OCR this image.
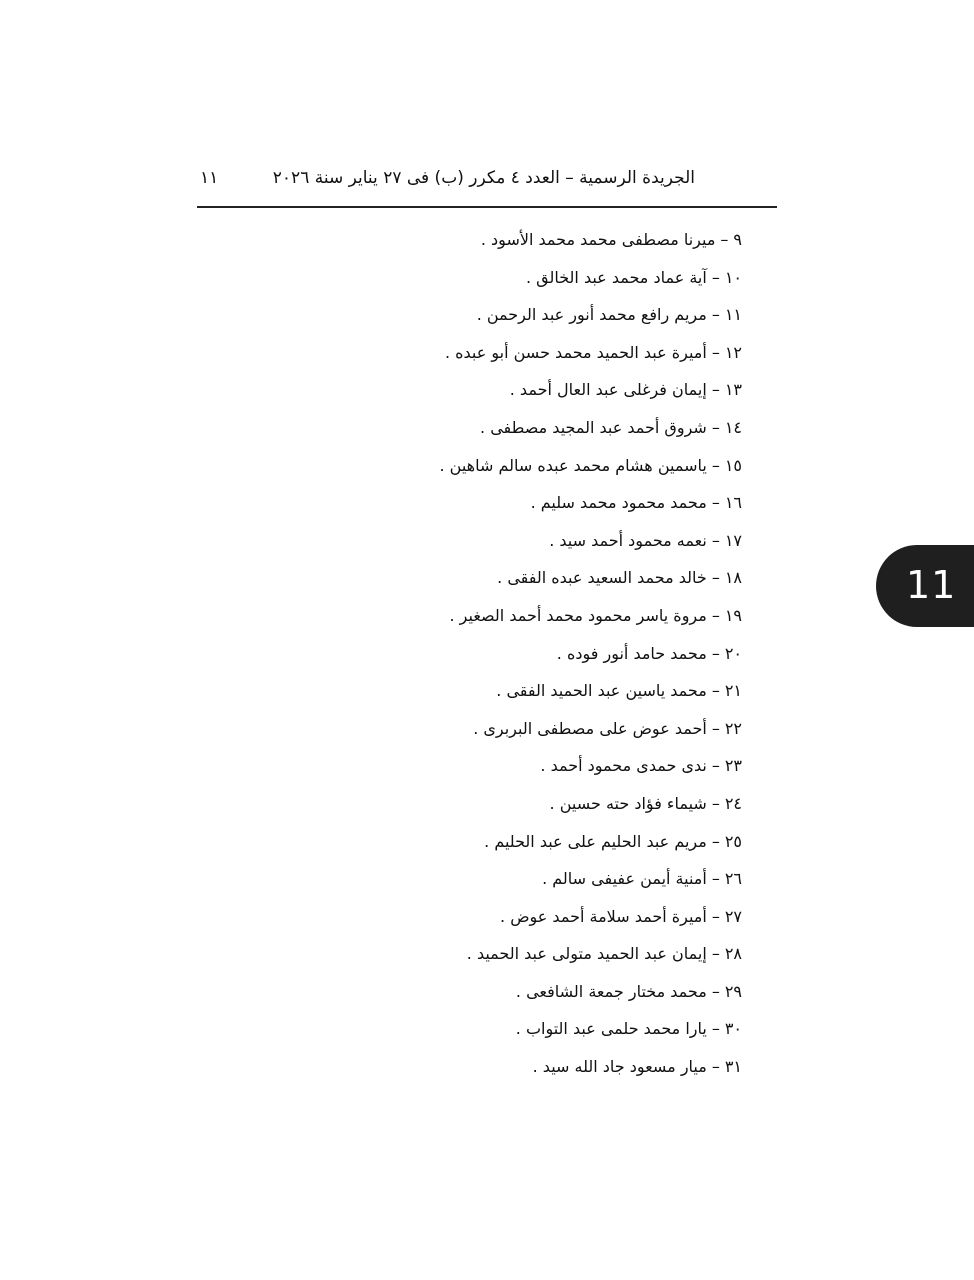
الجريدة الرسمية – العدد ٤ مكرر (ب) فى ٢٧ يناير سنة ٢٠٢٦
١١
٩–ميرنا مصطفى محمد محمد الأسود .
١٠–آية عماد محمد عبد الخالق .
١١–مريم رافع محمد أنور عبد الرحمن .
١٢–أميرة عبد الحميد محمد حسن أبو عبده .
١٣–إيمان فرغلى عبد العال أحمد .
١٤–شروق أحمد عبد المجيد مصطفى .
١٥–ياسمين هشام محمد عبده سالم شاهين .
١٦–محمد محمود محمد سليم .
١٧–نعمه محمود أحمد سيد .
١٨–خالد محمد السعيد عبده الفقى .
١٩–مروة ياسر محمود محمد أحمد الصغير .
٢٠–محمد حامد أنور فوده .
٢١–محمد ياسين عبد الحميد الفقى .
٢٢–أحمد عوض على مصطفى البربرى .
٢٣–ندى حمدى محمود أحمد .
٢٤–شيماء فؤاد حته حسين .
٢٥–مريم عبد الحليم على عبد الحليم .
٢٦–أمنية أيمن عفيفى سالم .
٢٧–أميرة أحمد سلامة أحمد عوض .
٢٨–إيمان عبد الحميد متولى عبد الحميد .
٢٩–محمد مختار جمعة الشافعى .
٣٠–يارا محمد حلمى عبد التواب .
٣١–ميار مسعود جاد الله سيد .
11
